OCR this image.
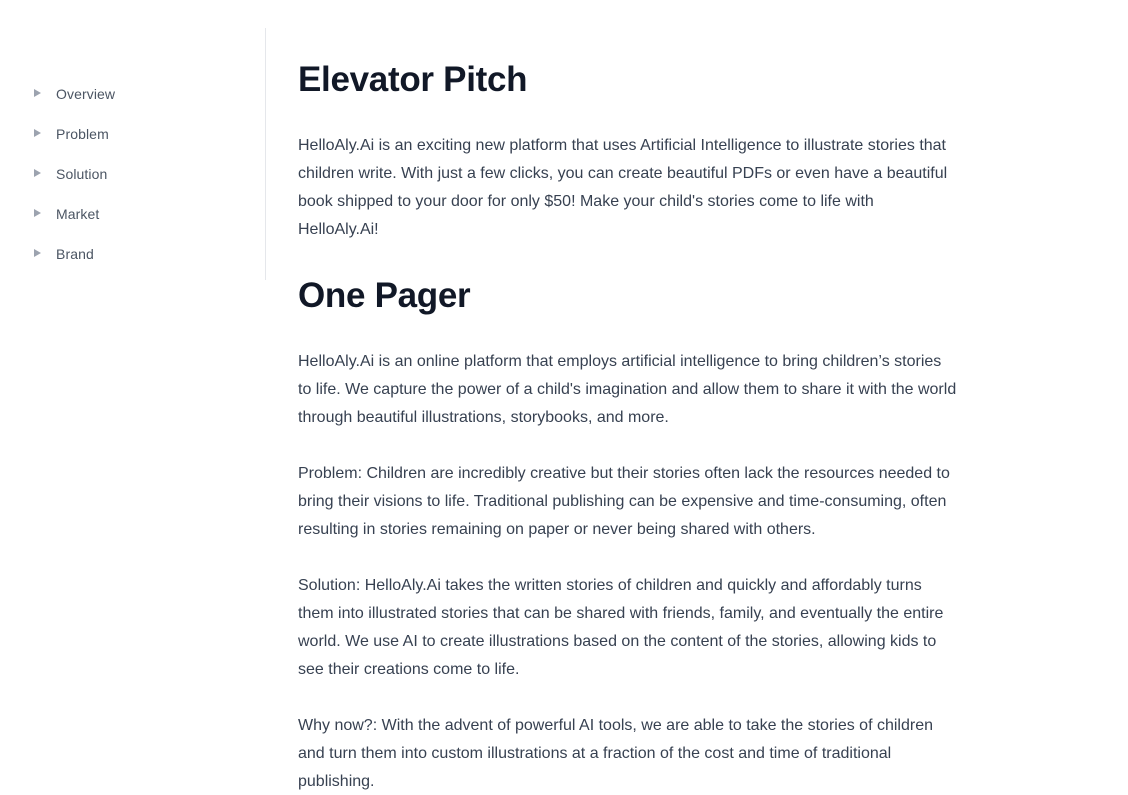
Overview
Problem
Solution
Market
Brand
Elevator Pitch

HelloAly.Ai is an exciting new platform that uses Artificial Intelligence to illustrate stories that children write. With just a few clicks, you can create beautiful PDFs or even have a beautiful book shipped to your door for only $50! Make your child's stories come to life with HelloAly.Ai!

One Pager

HelloAly.Ai is an online platform that employs artificial intelligence to bring children’s stories to life. We capture the power of a child's imagination and allow them to share it with the world through beautiful illustrations, storybooks, and more.

Problem: Children are incredibly creative but their stories often lack the resources needed to bring their visions to life. Traditional publishing can be expensive and time-consuming, often resulting in stories remaining on paper or never being shared with others.

Solution: HelloAly.Ai takes the written stories of children and quickly and affordably turns them into illustrated stories that can be shared with friends, family, and eventually the entire world. We use AI to create illustrations based on the content of the stories, allowing kids to see their creations come to life.

Why now?: With the advent of powerful AI tools, we are able to take the stories of children and turn them into custom illustrations at a fraction of the cost and time of traditional publishing.
